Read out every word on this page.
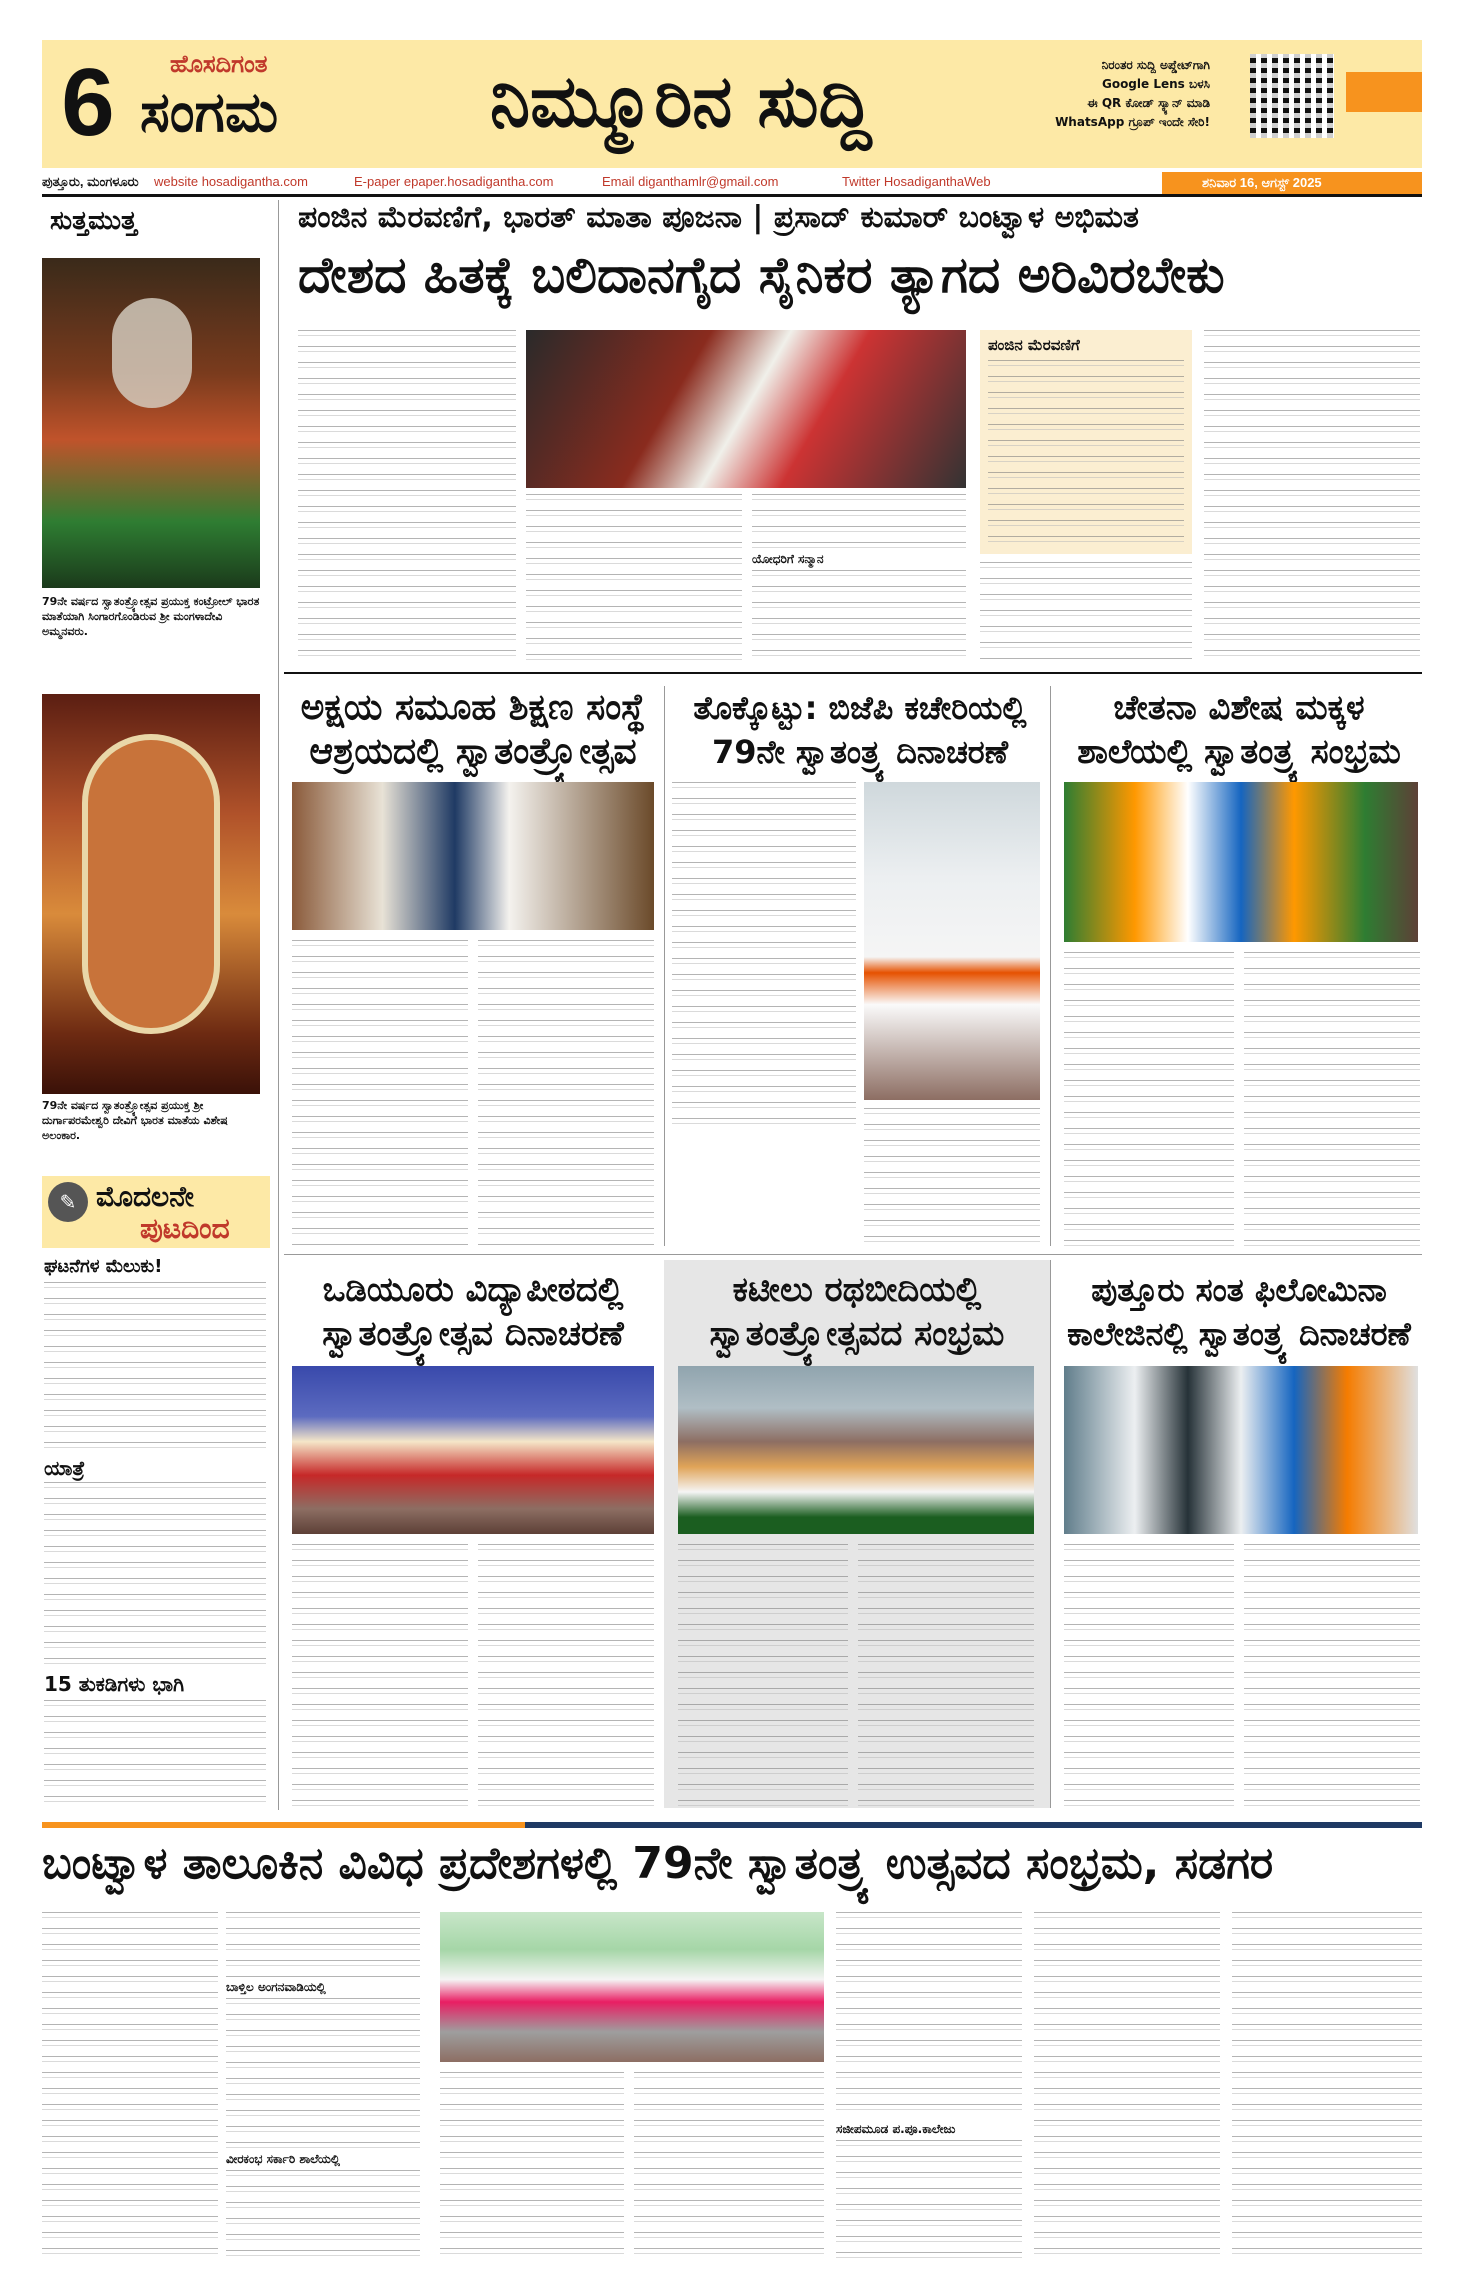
6	ಹೊಸದಿಗಂತ
ಸಂಗಮ	ನಿಮ್ಮೂರಿನ ಸುದ್ದಿ	ನಿರಂತರ ಸುದ್ದಿ ಅಪ್ಡೇಟ್‌ಗಾಗಿ
Google Lens ಬಳಸಿ
ಈ QR ಕೋಡ್ ಸ್ಕ್ಯಾನ್ ಮಾಡಿ
WhatsApp ಗ್ರೂಪ್ ಇಂದೇ ಸೇರಿ!
ಪುತ್ತೂರು, ಮಂಗಳೂರು website hosadigantha.com	E-paper epaper.hosadigantha.com	Email diganthamlr@gmail.com	Twitter HosadiganthaWeb	ಶನಿವಾರ 16, ಆಗಸ್ಟ್ 2025
ಸುತ್ತಮುತ್ತ
79ನೇ ವರ್ಷದ ಸ್ವಾತಂತ್ರ್ಯೋತ್ಸವ ಪ್ರಯುಕ್ತ ಕಂಟ್ರೋಲ್ ಭಾರತ ಮಾತೆಯಾಗಿ ಸಿಂಗಾರಗೊಂಡಿರುವ ಶ್ರೀ ಮಂಗಳಾದೇವಿ ಅಮ್ಮನವರು.
79ನೇ ವರ್ಷದ ಸ್ವಾತಂತ್ರ್ಯೋತ್ಸವ ಪ್ರಯುಕ್ತ ಶ್ರೀ ದುರ್ಗಾಪರಮೇಶ್ವರಿ ದೇವಿಗೆ ಭಾರತ ಮಾತೆಯ ವಿಶೇಷ ಅಲಂಕಾರ.
✎ ಮೊದಲನೇ
ಪುಟದಿಂದ
ಘಟನೆಗಳ ಮೆಲುಕು!
ಯಾತ್ರೆ
15 ತುಕಡಿಗಳು ಭಾಗಿ
ಪಂಜಿನ ಮೆರವಣಿಗೆ, ಭಾರತ್ ಮಾತಾ ಪೂಜನಾ | ಪ್ರಸಾದ್ ಕುಮಾರ್ ಬಂಟ್ವಾಳ ಅಭಿಮತ
ದೇಶದ ಹಿತಕ್ಕೆ ಬಲಿದಾನಗೈದ ಸೈನಿಕರ ತ್ಯಾಗದ ಅರಿವಿರಬೇಕು
ಯೋಧರಿಗೆ ಸನ್ಮಾನ
ಪಂಜಿನ ಮೆರವಣಿಗೆ
ಅಕ್ಷಯ ಸಮೂಹ ಶಿಕ್ಷಣ ಸಂಸ್ಥೆ ಆಶ್ರಯದಲ್ಲಿ ಸ್ವಾತಂತ್ರ್ಯೋತ್ಸವ
ತೊಕ್ಕೊಟ್ಟು: ಬಿಜೆಪಿ ಕಚೇರಿಯಲ್ಲಿ 79ನೇ ಸ್ವಾತಂತ್ರ್ಯ ದಿನಾಚರಣೆ
ಚೇತನಾ ವಿಶೇಷ ಮಕ್ಕಳ ಶಾಲೆಯಲ್ಲಿ ಸ್ವಾತಂತ್ರ್ಯ ಸಂಭ್ರಮ
ಒಡಿಯೂರು ವಿದ್ಯಾಪೀಠದಲ್ಲಿ ಸ್ವಾತಂತ್ರ್ಯೋತ್ಸವ ದಿನಾಚರಣೆ
ಕಟೀಲು ರಥಬೀದಿಯಲ್ಲಿ ಸ್ವಾತಂತ್ರ್ಯೋತ್ಸವದ ಸಂಭ್ರಮ
ಪುತ್ತೂರು ಸಂತ ಫಿಲೋಮಿನಾ ಕಾಲೇಜಿನಲ್ಲಿ ಸ್ವಾತಂತ್ರ್ಯ ದಿನಾಚರಣೆ
ಬಂಟ್ವಾಳ ತಾಲೂಕಿನ ವಿವಿಧ ಪ್ರದೇಶಗಳಲ್ಲಿ 79ನೇ ಸ್ವಾತಂತ್ರ್ಯ ಉತ್ಸವದ ಸಂಭ್ರಮ, ಸಡಗರ
ಬಾಳ್ತಿಲ ಅಂಗನವಾಡಿಯಲ್ಲಿ
ವೀರಕಂಭ ಸರ್ಕಾರಿ ಶಾಲೆಯಲ್ಲಿ
ಸಜೀಪಮೂಡ ಪ.ಪೂ.ಕಾಲೇಜು
